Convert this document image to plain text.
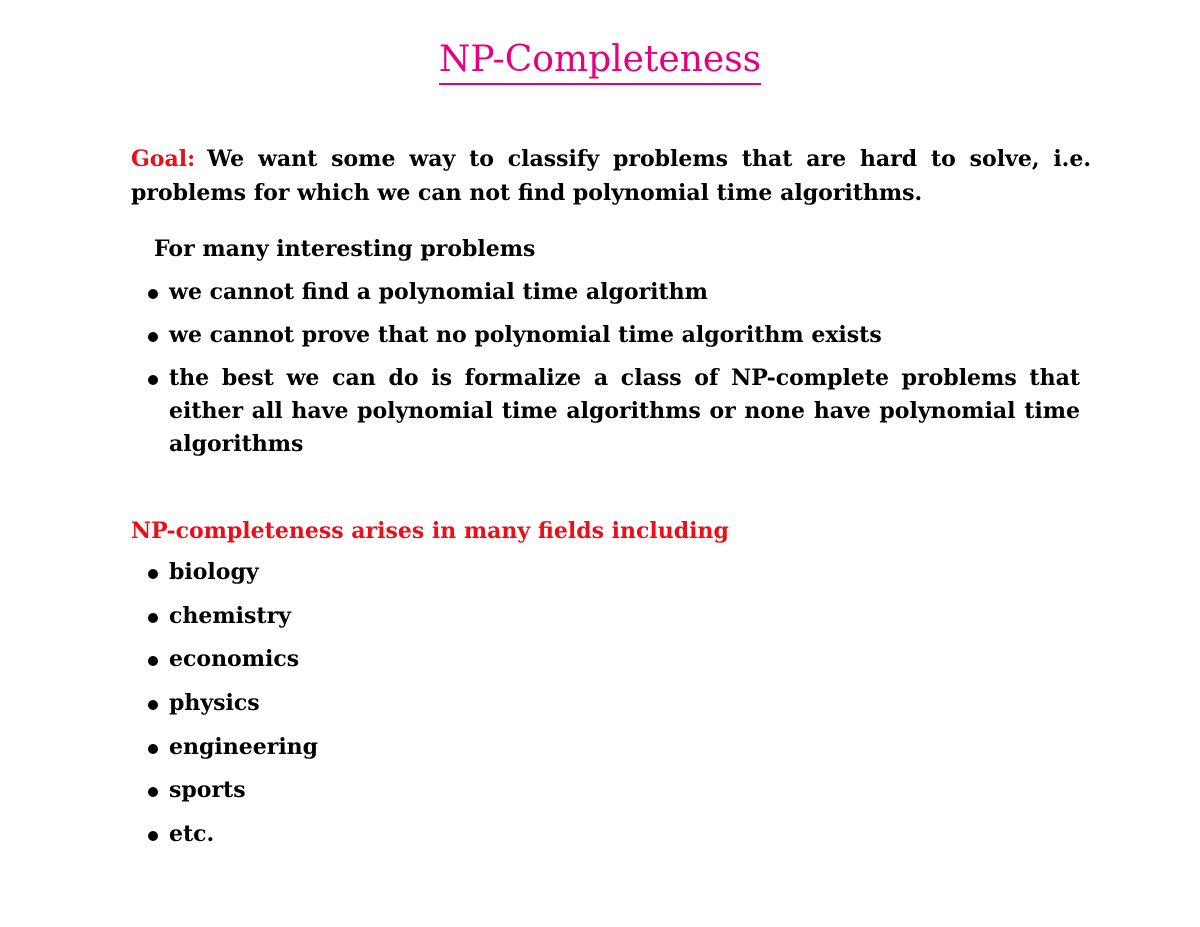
NP-Completeness
Goal: We want some way to classify problems that are hard to solve, i.e. problems for which we can not find polynomial time algorithms.
For many interesting problems
we cannot find a polynomial time algorithm
we cannot prove that no polynomial time algorithm exists
the best we can do is formalize a class of NP-complete problems that either all have polynomial time algorithms or none have polynomial time algorithms
NP-completeness arises in many fields including
biology
chemistry
economics
physics
engineering
sports
etc.
